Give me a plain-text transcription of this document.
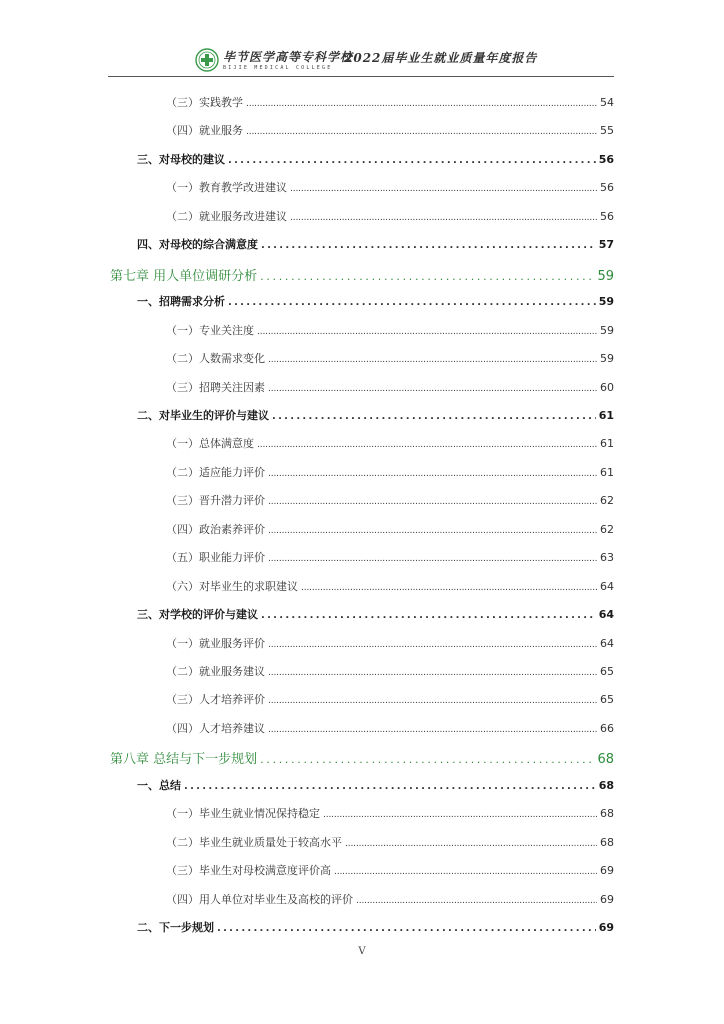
毕节医学高等专科学校
BIJIE MEDICAL COLLEGE
2022届毕业生就业质量年度报告
（三）实践教学 . . .	54
（四）就业服务 . . .	55
三、对母校的建议 . . .	56
（一）教育教学改进建议 . . .	56
（二）就业服务改进建议 . . .	56
四、对母校的综合满意度 . . .	57
第七章 用人单位调研分析 . . .	59
一、招聘需求分析 . . .	59
（一）专业关注度 . . .	59
（二）人数需求变化 . . .	59
（三）招聘关注因素 . . .	60
二、对毕业生的评价与建议 . . .	61
（一）总体满意度 . . .	61
（二）适应能力评价 . . .	61
（三）晋升潜力评价 . . .	62
（四）政治素养评价 . . .	62
（五）职业能力评价 . . .	63
（六）对毕业生的求职建议 . . .	64
三、对学校的评价与建议 . . .	64
（一）就业服务评价 . . .	64
（二）就业服务建议 . . .	65
（三）人才培养评价 . . .	65
（四）人才培养建议 . . .	66
第八章 总结与下一步规划 . . .	68
一、总结 . . .	68
（一）毕业生就业情况保持稳定 . . .	68
（二）毕业生就业质量处于较高水平 . . .	68
（三）毕业生对母校满意度评价高 . . .	69
（四）用人单位对毕业生及高校的评价 . . .	69
二、下一步规划 . . .	69
V
